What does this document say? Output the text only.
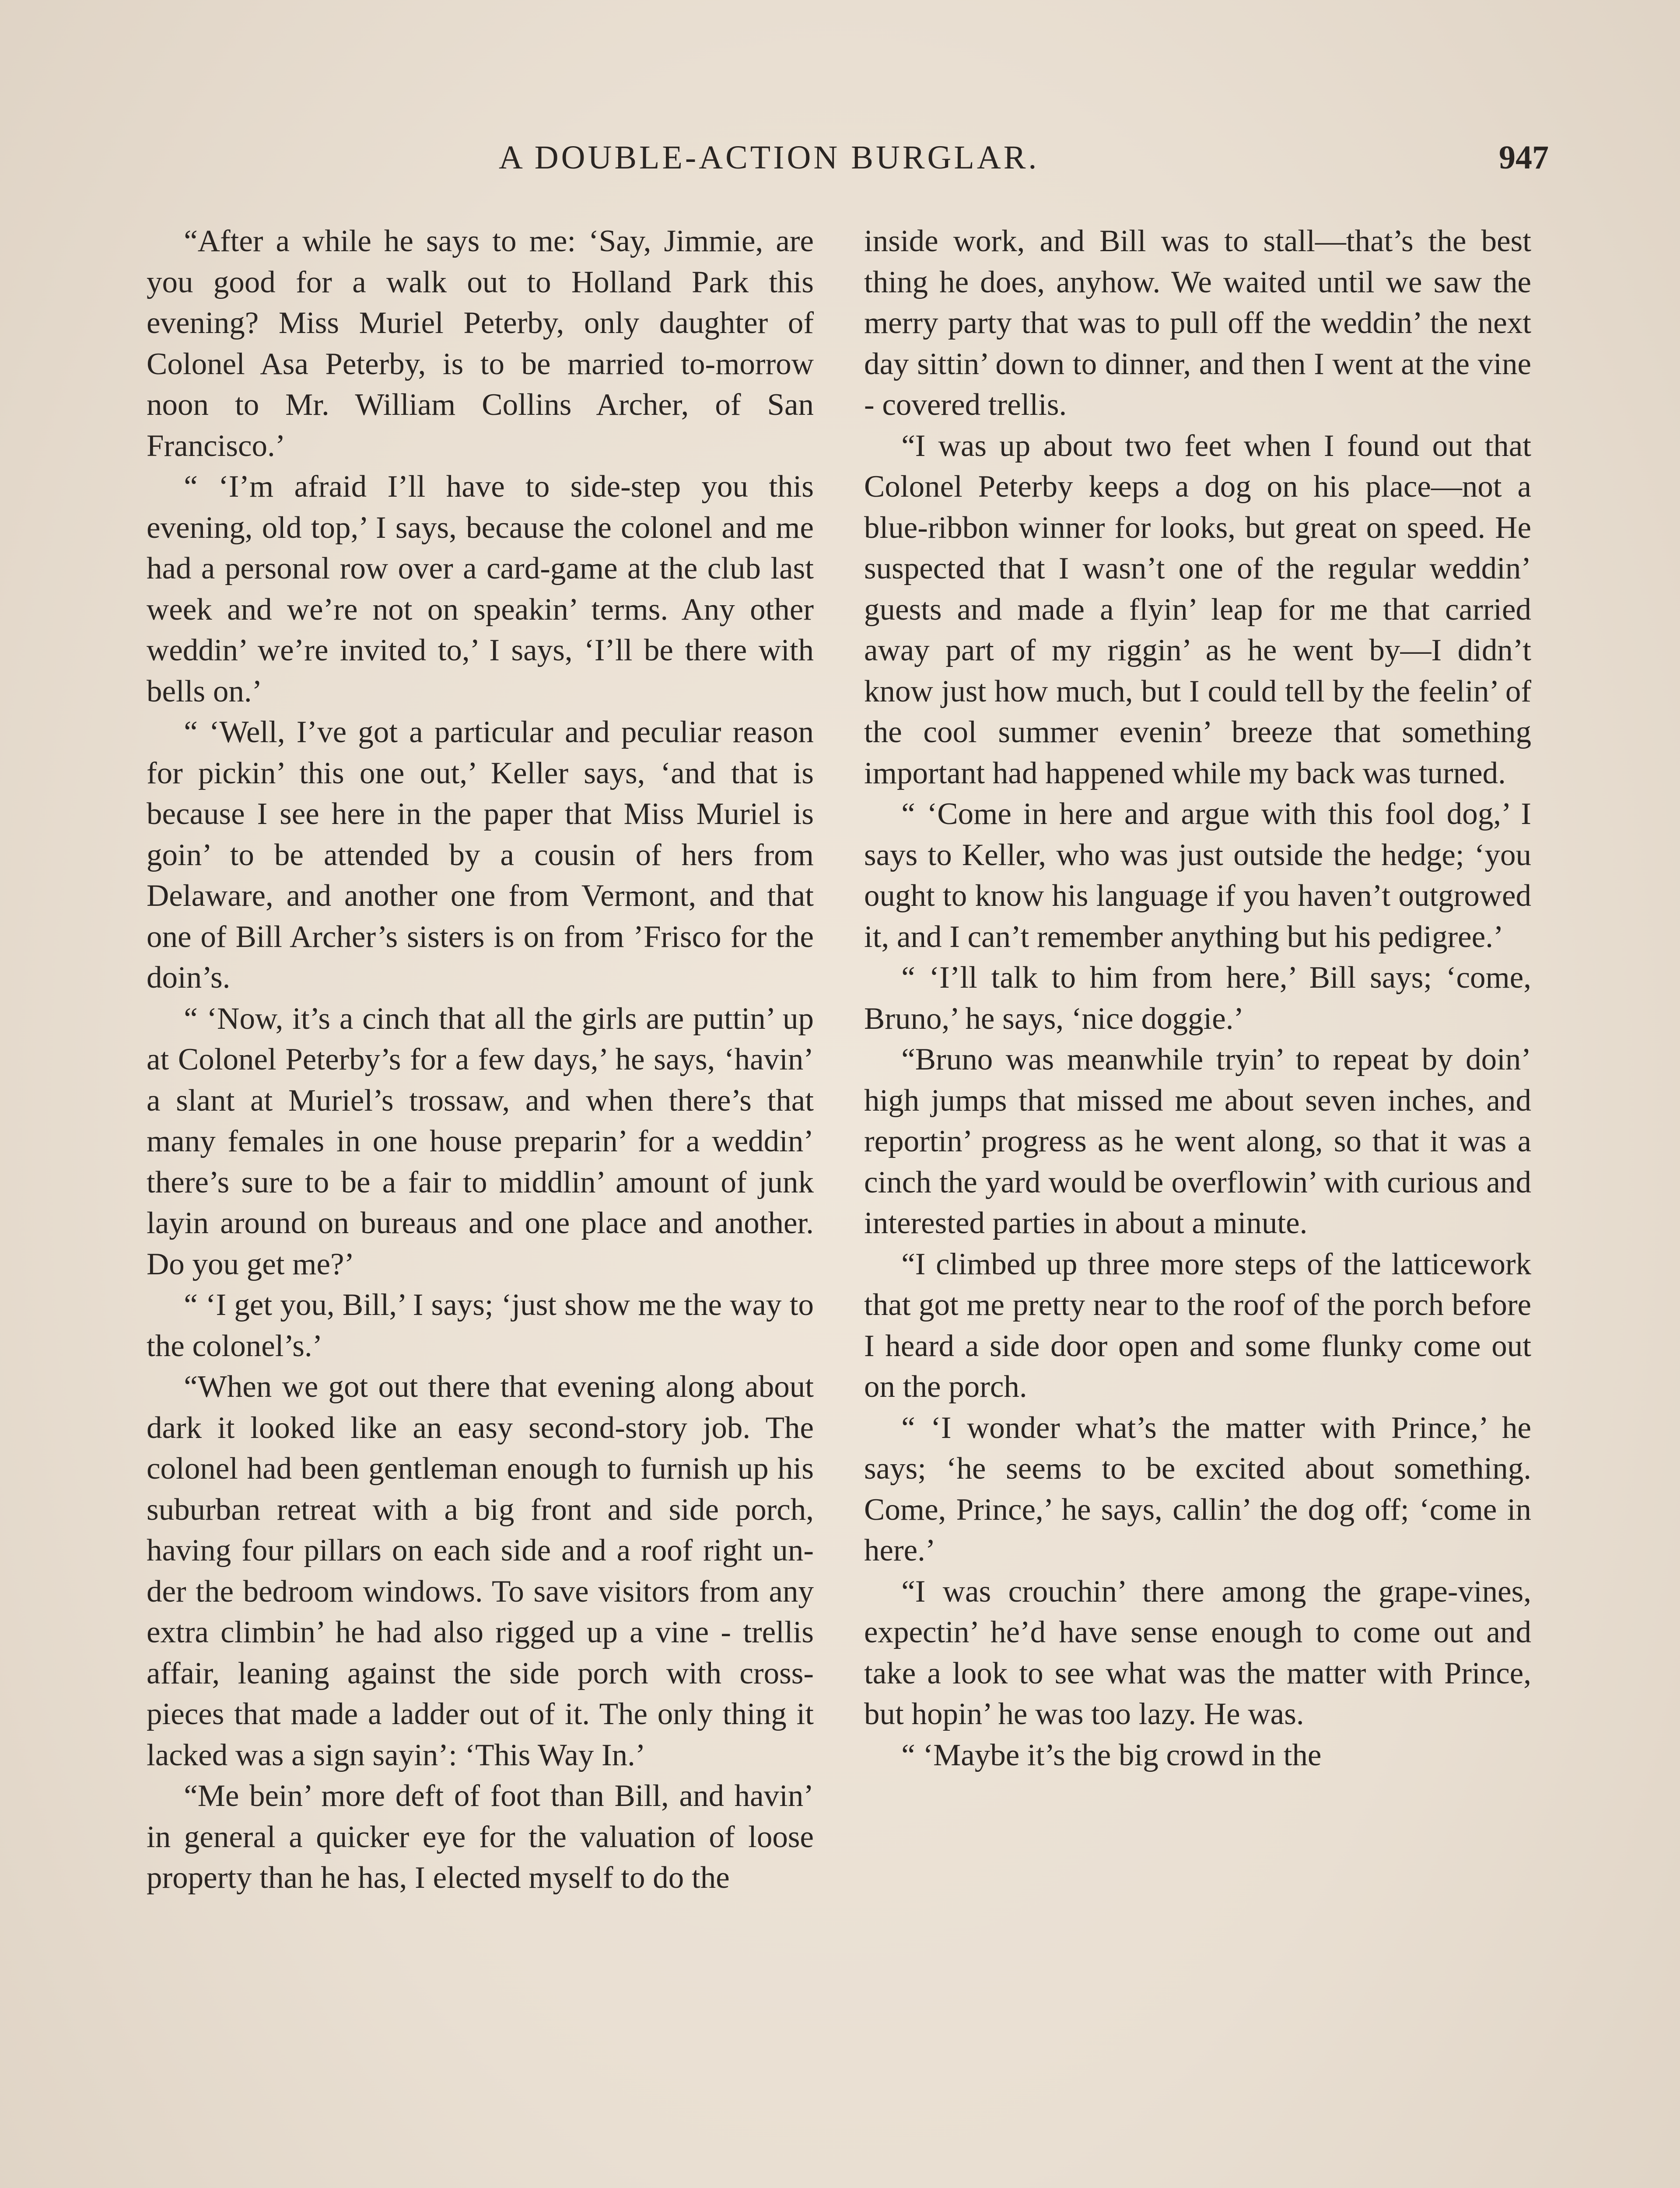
A DOUBLE-ACTION BURGLAR.	947

“After a while he says to me: ‘Say, Jimmie, are you good for a walk out to Holland Park this evening? Miss Muriel Peterby, only daughter of Colonel Asa Peterby, is to be married to-morrow noon to Mr. William Collins Archer, of San Francisco.’

“ ‘I’m afraid I’ll have to side-step you this evening, old top,’ I says, because the colonel and me had a personal row over a card-game at the club last week and we’re not on speakin’ terms. Any other weddin’ we’re invited to,’ I says, ‘I’ll be there with bells on.’

“ ‘Well, I’ve got a particular and peculiar reason for pickin’ this one out,’ Keller says, ‘and that is because I see here in the paper that Miss Muriel is goin’ to be attended by a cousin of hers from Delaware, and another one from Vermont, and that one of Bill Archer’s sisters is on from ’Frisco for the doin’s.

“ ‘Now, it’s a cinch that all the girls are puttin’ up at Colonel Peterby’s for a few days,’ he says, ‘havin’ a slant at Muriel’s trossaw, and when there’s that many females in one house preparin’ for a weddin’ there’s sure to be a fair to middlin’ amount of junk layin around on bureaus and one place and another. Do you get me?’

“ ‘I get you, Bill,’ I says; ‘just show me the way to the colonel’s.’

“When we got out there that evening along about dark it looked like an easy second-story job. The colonel had been gentleman enough to furnish up his suburban retreat with a big front and side porch, having four pillars on each side and a roof right under the bedroom windows. To save visitors from any extra climbin’ he had also rigged up a vine - trellis affair, leaning against the side porch with cross-pieces that made a ladder out of it. The only thing it lacked was a sign sayin’: ‘This Way In.’

“Me bein’ more deft of foot than Bill, and havin’ in general a quicker eye for the valuation of loose property than he has, I elected myself to do the

inside work, and Bill was to stall—that’s the best thing he does, anyhow. We waited until we saw the merry party that was to pull off the weddin’ the next day sittin’ down to dinner, and then I went at the vine - covered trellis.

“I was up about two feet when I found out that Colonel Peterby keeps a dog on his place—not a blue-ribbon winner for looks, but great on speed. He suspected that I wasn’t one of the regular weddin’ guests and made a flyin’ leap for me that carried away part of my riggin’ as he went by—I didn’t know just how much, but I could tell by the feelin’ of the cool summer evenin’ breeze that something important had happened while my back was turned.

“ ‘Come in here and argue with this fool dog,’ I says to Keller, who was just outside the hedge; ‘you ought to know his language if you haven’t outgrowed it, and I can’t remember anything but his pedigree.’

“ ‘I’ll talk to him from here,’ Bill says; ‘come, Bruno,’ he says, ‘nice doggie.’

“Bruno was meanwhile tryin’ to repeat by doin’ high jumps that missed me about seven inches, and reportin’ progress as he went along, so that it was a cinch the yard would be overflowin’ with curious and interested parties in about a minute.

“I climbed up three more steps of the latticework that got me pretty near to the roof of the porch before I heard a side door open and some flunky come out on the porch.

“ ‘I wonder what’s the matter with Prince,’ he says; ‘he seems to be excited about something. Come, Prince,’ he says, callin’ the dog off; ‘come in here.’

“I was crouchin’ there among the grape-vines, expectin’ he’d have sense enough to come out and take a look to see what was the matter with Prince, but hopin’ he was too lazy. He was.

“ ‘Maybe it’s the big crowd in the
